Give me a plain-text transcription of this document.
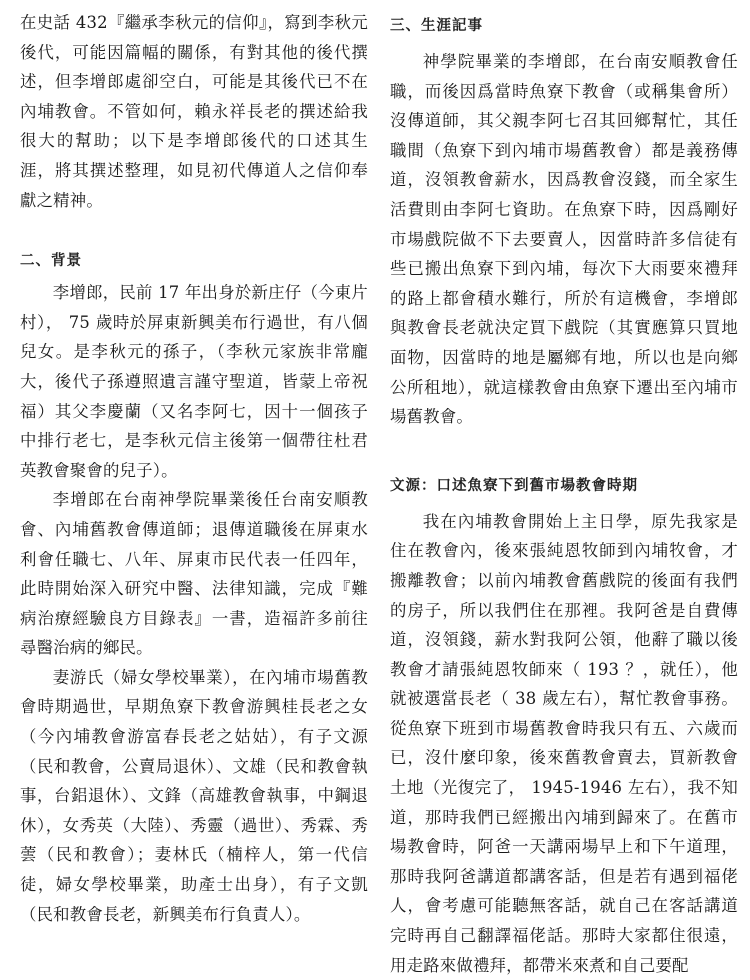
在史話 432『繼承李秋元的信仰』，寫到李秋元後代，可能因篇幅的關係，有對其他的後代撰述，但李增郎處卻空白，可能是其後代已不在內埔教會。不管如何，賴永祥長老的撰述給我很大的幫助；以下是李增郎後代的口述其生涯，將其撰述整理，如見初代傳道人之信仰奉獻之精神。

二、背景

李增郎，民前 17 年出身於新庄仔（今東片村）， 75 歲時於屏東新興美布行過世，有八個兒女。是李秋元的孫子，（李秋元家族非常龐大，後代子孫遵照遺言謹守聖道，皆蒙上帝祝福）其父李慶蘭（又名李阿七，因十一個孩子中排行老七，是李秋元信主後第一個帶往杜君英教會聚會的兒子）。

李增郎在台南神學院畢業後任台南安順教會、內埔舊教會傳道師；退傳道職後在屏東水利會任職七、八年、屏東市民代表一任四年，此時開始深入研究中醫、法律知識，完成『難病治療經驗良方目錄表』一書，造福許多前往尋醫治病的鄉民。

妻游氏（婦女學校畢業），在內埔市場舊教會時期過世，早期魚寮下教會游興桂長老之女（今內埔教會游富春長老之姑姑），有子文源（民和教會，公賣局退休）、文雄（民和教會執事，台鋁退休）、文鋒（高雄教會執事，中鋼退休），女秀英（大陸）、秀靈（過世）、秀霖、秀蕓（民和教會）；妻林氏（楠梓人，第一代信徒，婦女學校畢業，助產士出身），有子文凱（民和教會長老，新興美布行負責人）。

三、生涯記事

神學院畢業的李增郎，在台南安順教會任職，而後因爲當時魚寮下教會（或稱集會所）沒傳道師，其父親李阿七召其回鄉幫忙，其任職間（魚寮下到內埔市場舊教會）都是義務傳道，沒領教會薪水，因爲教會沒錢，而全家生活費則由李阿七資助。在魚寮下時，因爲剛好市場戲院做不下去要賣人，因當時許多信徒有些已搬出魚寮下到內埔，每次下大雨要來禮拜的路上都會積水難行，所於有這機會，李增郎與教會長老就決定買下戲院（其實應算只買地面物，因當時的地是屬鄉有地，所以也是向鄉公所租地），就這樣教會由魚寮下遷出至內埔市場舊教會。

文源：口述魚寮下到舊市場教會時期

我在內埔教會開始上主日學，原先我家是住在教會內，後來張純恩牧師到內埔牧會，才搬離教會；以前內埔教會舊戲院的後面有我們的房子，所以我們住在那裡。我阿爸是自費傳道，沒領錢，薪水對我阿公領，他辭了職以後教會才請張純恩牧師來（ 193 ？，就任），他就被選當長老（ 38 歲左右），幫忙教會事務。從魚寮下班到市場舊教會時我只有五、六歲而已，沒什麼印象，後來舊教會賣去，買新教會土地（光復完了， 1945-1946 左右），我不知道，那時我們已經搬出內埔到歸來了。在舊市場教會時，阿爸一天講兩場早上和下午道理，那時我阿爸講道都講客話，但是若有遇到福佬人，會考慮可能聽無客話，就自己在客話講道完時再自己翻譯福佬話。那時大家都住很遠，用走路來做禮拜，都帶米來煮和自己要配
